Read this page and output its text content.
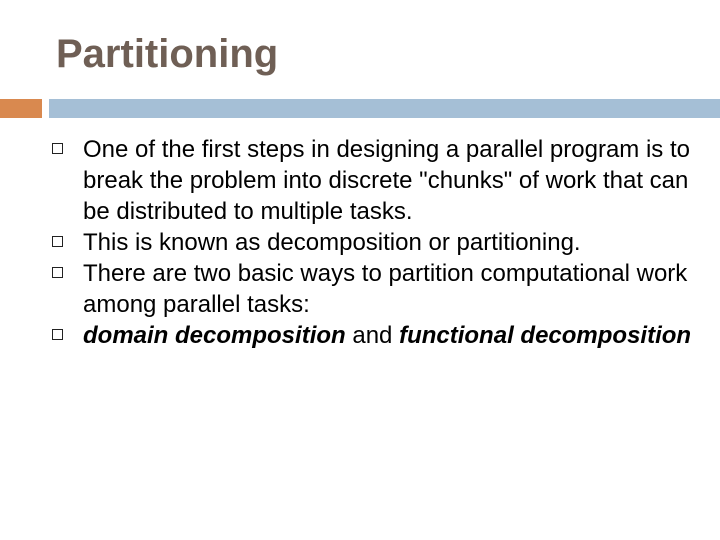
Partitioning
One of the first steps in designing a parallel program is to break the problem into discrete "chunks" of work that can be distributed to multiple tasks.
This is known as decomposition or partitioning.
There are two basic ways to partition computational work among parallel tasks:
domain decomposition and functional decomposition
